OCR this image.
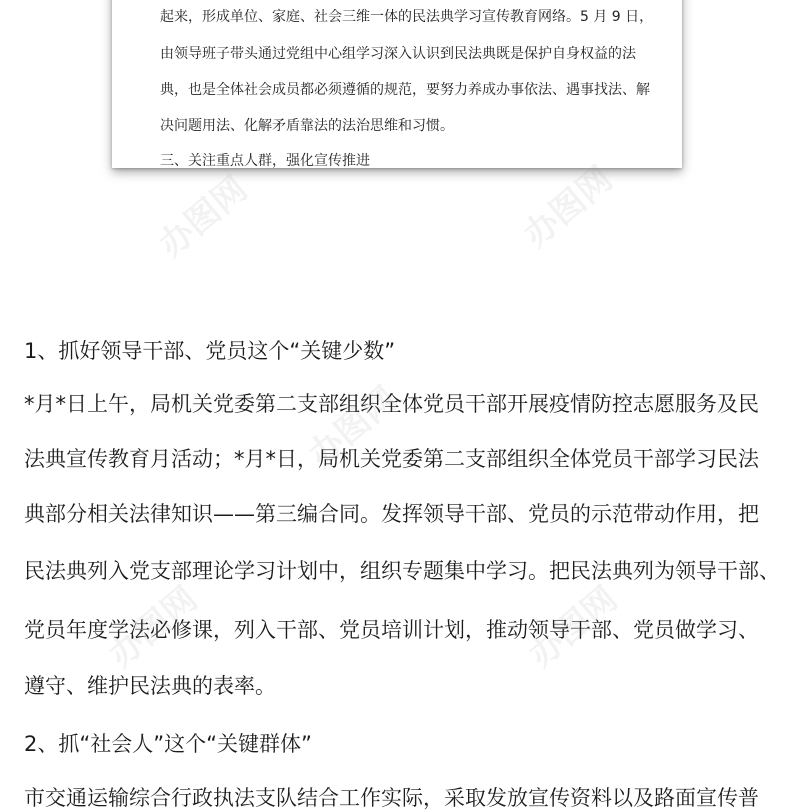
起来，形成单位、家庭、社会三维一体的民法典学习宣传教育网络。5 月 9 日，
由领导班子带头通过党组中心组学习深入认识到民法典既是保护自身权益的法
典，也是全体社会成员都必须遵循的规范，要努力养成办事依法、遇事找法、解
决问题用法、化解矛盾靠法的法治思维和习惯。
三、关注重点人群，强化宣传推进
1、抓好领导干部、党员这个“关键少数”
*月*日上午，局机关党委第二支部组织全体党员干部开展疫情防控志愿服务及民
法典宣传教育月活动；*月*日，局机关党委第二支部组织全体党员干部学习民法
典部分相关法律知识——第三编合同。发挥领导干部、党员的示范带动作用，把
民法典列入党支部理论学习计划中，组织专题集中学习。把民法典列为领导干部、
党员年度学法必修课，列入干部、党员培训计划，推动领导干部、党员做学习、
遵守、维护民法典的表率。
2、抓“社会人”这个“关键群体”
市交通运输综合行政执法支队结合工作实际，采取发放宣传资料以及路面宣传普
办图网	办图网
办图网
办图网	办图网
